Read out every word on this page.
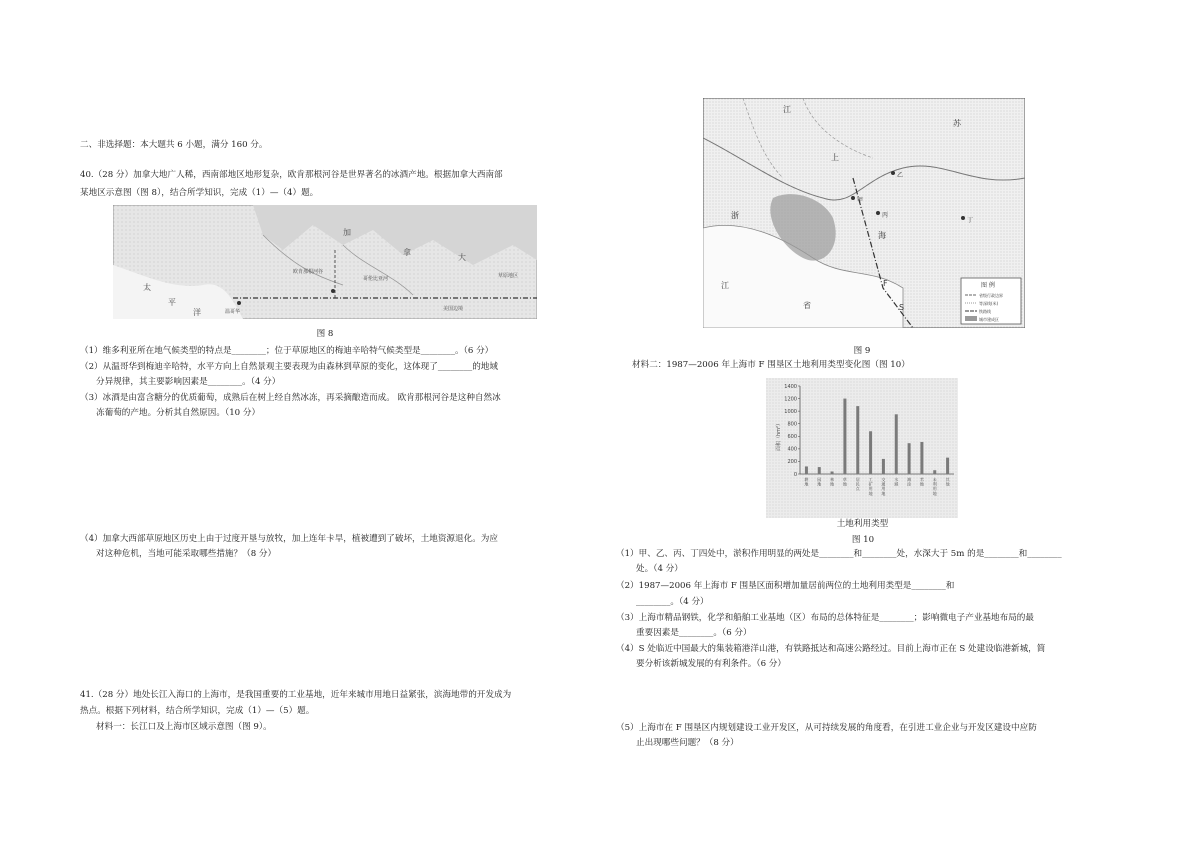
二、非选择题：本大题共 6 小题，满分 160 分。
40.（28 分）加拿大地广人稀，西南部地区地形复杂，欧肯那根河谷是世界著名的冰酒产地。根据加拿大西南部
某地区示意图（图 8），结合所学知识，完成（1）—（4）题。
太
平
洋
加
拿
大
哥伦比亚河
温哥华
欧肯那根河谷
美国边境
草原地区
图 8
（1）维多利亚所在地气候类型的特点是________；位于草原地区的梅迪辛哈特气候类型是________。（6 分）
（2）从温哥华到梅迪辛哈特，水平方向上自然景观主要表现为由森林到草原的变化，这体现了________的地域
分异规律，其主要影响因素是________。（4 分）
（3）冰酒是由富含糖分的优质葡萄，成熟后在树上经自然冰冻，再采摘酿造而成。 欧肯那根河谷是这种自然冰
冻葡萄的产地。分析其自然原因。（10 分）
（4）加拿大西部草原地区历史上由于过度开垦与放牧，加上连年卡旱，植被遭到了破坏，土地资源退化。为应
对这种危机，当地可能采取哪些措施？（8 分）
41.（28 分）地处长江入海口的上海市，是我国重要的工业基地，近年来城市用地日益紧张，滨海地带的开发成为
热点。根据下列材料，结合所学知识，完成（1）—（5）题。
材料一：长江口及上海市区域示意图（图 9）。
江
苏
上
海
浙
江
省
甲
乙
丙
丁
F
S
图 例
省级行政边界
等深线(米)
铁路线
城市建成区
图 9
材料二：1987—2006 年上海市 F 围垦区土地利用类型变化图（图 10）
面积（hm²）
0
200
400
600
800
1000
1200
1400
耕地
园地
林地
草地
居民点
工矿用地
交通用地
水域
滩涂
苇地
未利用地
其他
土地利用类型
图 10
（1）甲、乙、丙、丁四处中，淤积作用明显的两处是________和________处，水深大于 5m 的是________和________
处。（4 分）
（2）1987—2006 年上海市 F 围垦区面积增加量居前两位的土地利用类型是________和
________。（4 分）
（3）上海市精品钢铁，化学和船舶工业基地（区）布局的总体特征是________；影响微电子产业基地布局的最
重要因素是________。（6 分）
（4）S 处临近中国最大的集装箱港洋山港，有铁路抵达和高速公路经过。目前上海市正在 S 处建设临港新城，简
要分析该新城发展的有利条件。（6 分）
（5）上海市在 F 围垦区内规划建设工业开发区，从可持续发展的角度看，在引进工业企业与开发区建设中应防
止出现哪些问题？（8 分）
